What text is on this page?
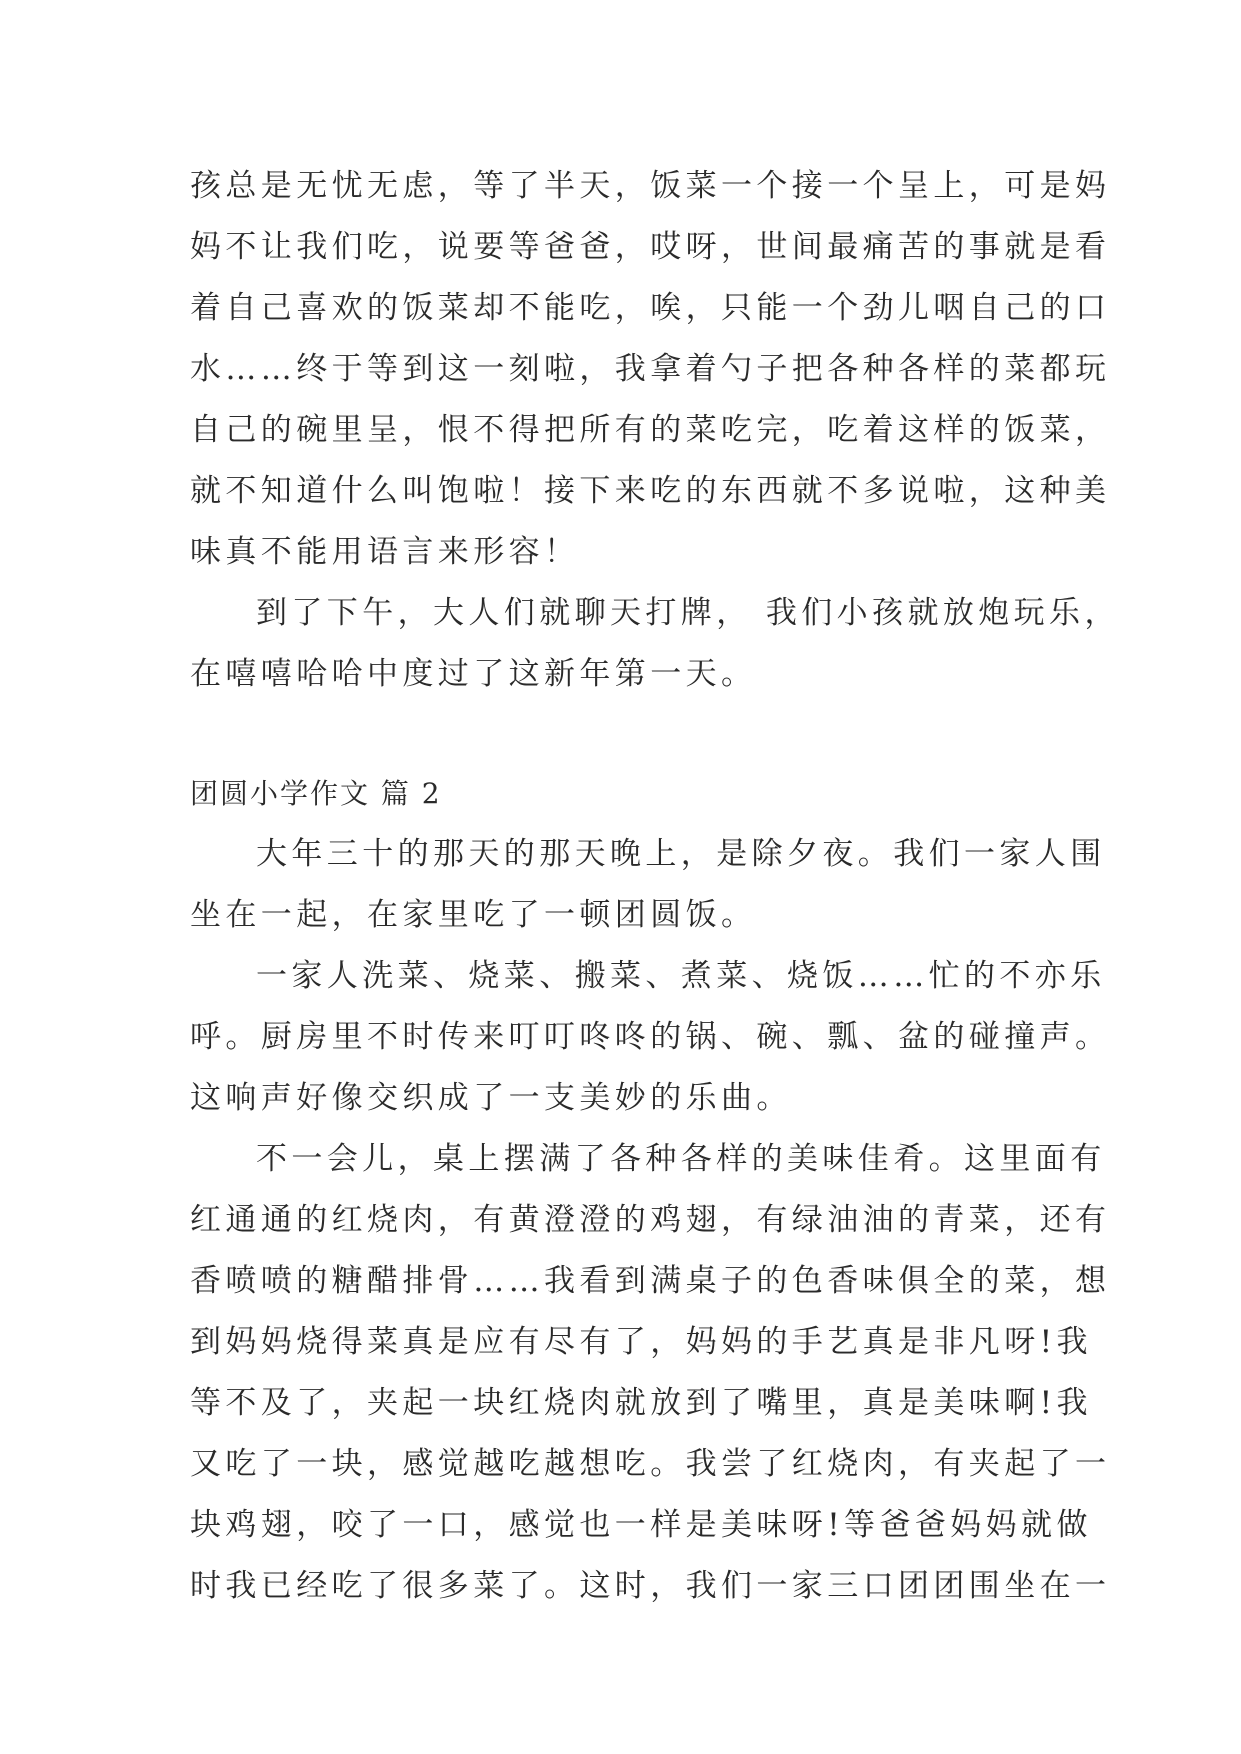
孩总是无忧无虑，等了半天，饭菜一个接一个呈上，可是妈
妈不让我们吃，说要等爸爸，哎呀，世间最痛苦的事就是看
着自己喜欢的饭菜却不能吃，唉，只能一个劲儿咽自己的口
水……终于等到这一刻啦，我拿着勺子把各种各样的菜都玩
自己的碗里呈，恨不得把所有的菜吃完，吃着这样的饭菜，
就不知道什么叫饱啦！接下来吃的东西就不多说啦，这种美
味真不能用语言来形容！
到了下午，大人们就聊天打牌， 我们小孩就放炮玩乐，
在嘻嘻哈哈中度过了这新年第一天。
团圆小学作文 篇 2
大年三十的那天的那天晚上，是除夕夜。我们一家人围
坐在一起，在家里吃了一顿团圆饭。
一家人洗菜、烧菜、搬菜、煮菜、烧饭……忙的不亦乐
呼。厨房里不时传来叮叮咚咚的锅、碗、瓢、盆的碰撞声。
这响声好像交织成了一支美妙的乐曲。
不一会儿，桌上摆满了各种各样的美味佳肴。这里面有
红通通的红烧肉，有黄澄澄的鸡翅，有绿油油的青菜，还有
香喷喷的糖醋排骨……我看到满桌子的色香味俱全的菜，想
到妈妈烧得菜真是应有尽有了，妈妈的手艺真是非凡呀!我
等不及了，夹起一块红烧肉就放到了嘴里，真是美味啊!我
又吃了一块，感觉越吃越想吃。我尝了红烧肉，有夹起了一
块鸡翅，咬了一口，感觉也一样是美味呀!等爸爸妈妈就做
时我已经吃了很多菜了。这时，我们一家三口团团围坐在一
